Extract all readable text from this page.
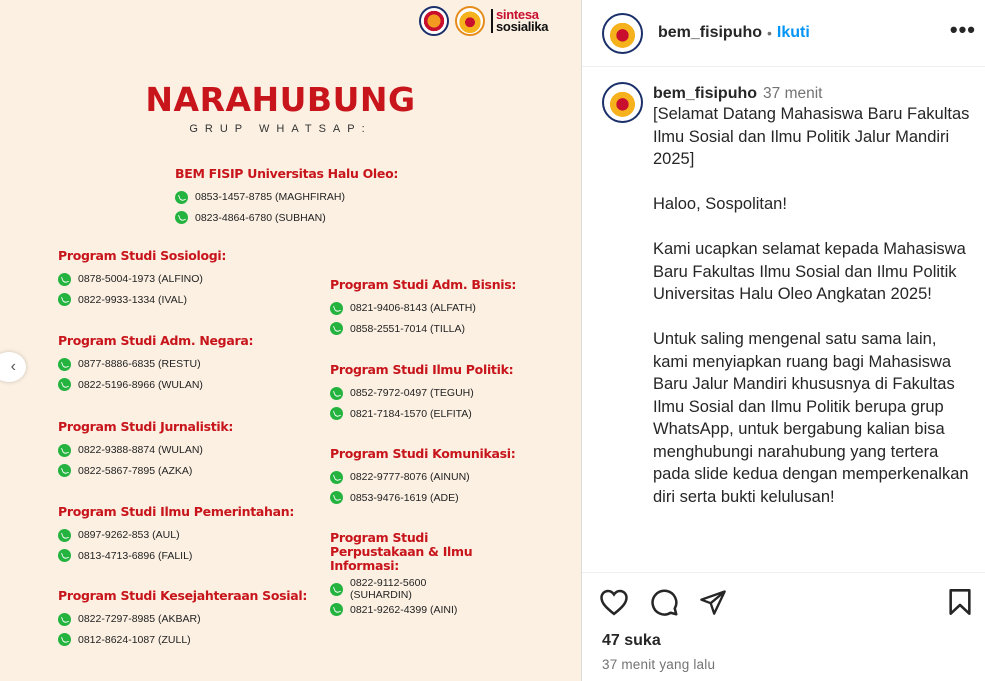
sintesa
sosialika
NARAHUBUNG
GRUP WHATSAP:
BEM FISIP Universitas Halu Oleo:
0853-1457-8785 (MAGHFIRAH)
0823-4864-6780 (SUBHAN)
Program Studi Sosiologi:
0878-5004-1973 (ALFINO)
0822-9933-1334 (IVAL)
Program Studi Adm. Negara:
0877-8886-6835 (RESTU)
0822-5196-8966 (WULAN)
Program Studi Jurnalistik:
0822-9388-8874 (WULAN)
0822-5867-7895 (AZKA)
Program Studi Ilmu Pemerintahan:
0897-9262-853 (AUL)
0813-4713-6896 (FALIL)
Program Studi Kesejahteraan Sosial:
0822-7297-8985 (AKBAR)
0812-8624-1087 (ZULL)
Program Studi Adm. Bisnis:
0821-9406-8143 (ALFATH)
0858-2551-7014 (TILLA)
Program Studi Ilmu Politik:
0852-7972-0497 (TEGUH)
0821-7184-1570 (ELFITA)
Program Studi Komunikasi:
0822-9777-8076 (AINUN)
0853-9476-1619 (ADE)
Program Studi Perpustakaan & Ilmu Informasi:
0822-9112-5600 (SUHARDIN)
0821-9262-4399 (AINI)
‹
bem_fisipuho • Ikuti	•••
bem_fisipuho 37 menit
[Selamat Datang Mahasiswa Baru Fakultas Ilmu Sosial dan Ilmu Politik Jalur Mandiri 2025]

Haloo, Sospolitan!

Kami ucapkan selamat kepada Mahasiswa Baru Fakultas Ilmu Sosial dan Ilmu Politik Universitas Halu Oleo Angkatan 2025!

Untuk saling mengenal satu sama lain, kami menyiapkan ruang bagi Mahasiswa Baru Jalur Mandiri khususnya di Fakultas Ilmu Sosial dan Ilmu Politik berupa grup WhatsApp, untuk bergabung kalian bisa menghubungi narahubung yang tertera pada slide kedua dengan memperkenalkan diri serta bukti kelulusan!
47 suka
37 menit yang lalu
